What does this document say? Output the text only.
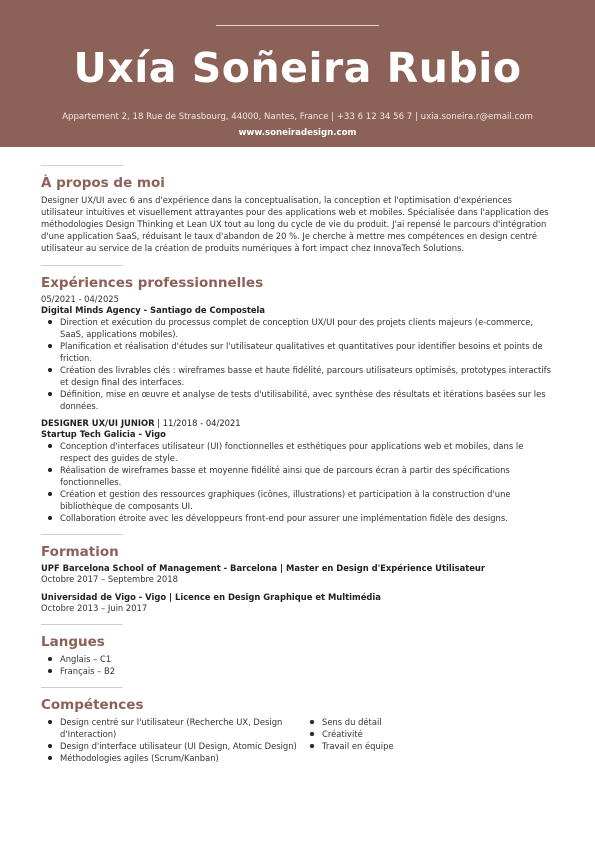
Uxía Soñeira Rubio
Appartement 2, 18 Rue de Strasbourg, 44000, Nantes, France | +33 6 12 34 56 7 | uxia.soneira.r@email.com
www.soneiradesign.com
À propos de moi
Designer UX/UI avec 6 ans d'expérience dans la conceptualisation, la conception et l'optimisation d'expériences utilisateur intuitives et visuellement attrayantes pour des applications web et mobiles. Spécialisée dans l'application des méthodologies Design Thinking et Lean UX tout au long du cycle de vie du produit. J'ai repensé le parcours d'intégration d'une application SaaS, réduisant le taux d'abandon de 20 %. Je cherche à mettre mes compétences en design centré utilisateur au service de la création de produits numériques à fort impact chez InnovaTech Solutions.
Expériences professionnelles
05/2021 - 04/2025
Digital Minds Agency - Santiago de Compostela
Direction et exécution du processus complet de conception UX/UI pour des projets clients majeurs (e-commerce, SaaS, applications mobiles).
Planification et réalisation d'études sur l'utilisateur qualitatives et quantitatives pour identifier besoins et points de friction.
Création des livrables clés : wireframes basse et haute fidélité, parcours utilisateurs optimisés, prototypes interactifs et design final des interfaces.
Définition, mise en œuvre et analyse de tests d'utilisabilité, avec synthèse des résultats et itérations basées sur les données.
DESIGNER UX/UI JUNIOR | 11/2018 - 04/2021
Startup Tech Galicia - Vigo
Conception d'interfaces utilisateur (UI) fonctionnelles et esthétiques pour applications web et mobiles, dans le respect des guides de style.
Réalisation de wireframes basse et moyenne fidélité ainsi que de parcours écran à partir des spécifications fonctionnelles.
Création et gestion des ressources graphiques (icônes, illustrations) et participation à la construction d'une bibliothèque de composants UI.
Collaboration étroite avec les développeurs front-end pour assurer une implémentation fidèle des designs.
Formation
UPF Barcelona School of Management - Barcelona | Master en Design d'Expérience Utilisateur
Octobre 2017 – Septembre 2018
Universidad de Vigo - Vigo | Licence en Design Graphique et Multimédia
Octobre 2013 – Juin 2017
Langues
Anglais – C1
Français – B2
Compétences
Design centré sur l'utilisateur (Recherche UX, Design d'Interaction)
Design d'interface utilisateur (UI Design, Atomic Design)
Méthodologies agiles (Scrum/Kanban)
Sens du détail
Créativité
Travail en équipe
